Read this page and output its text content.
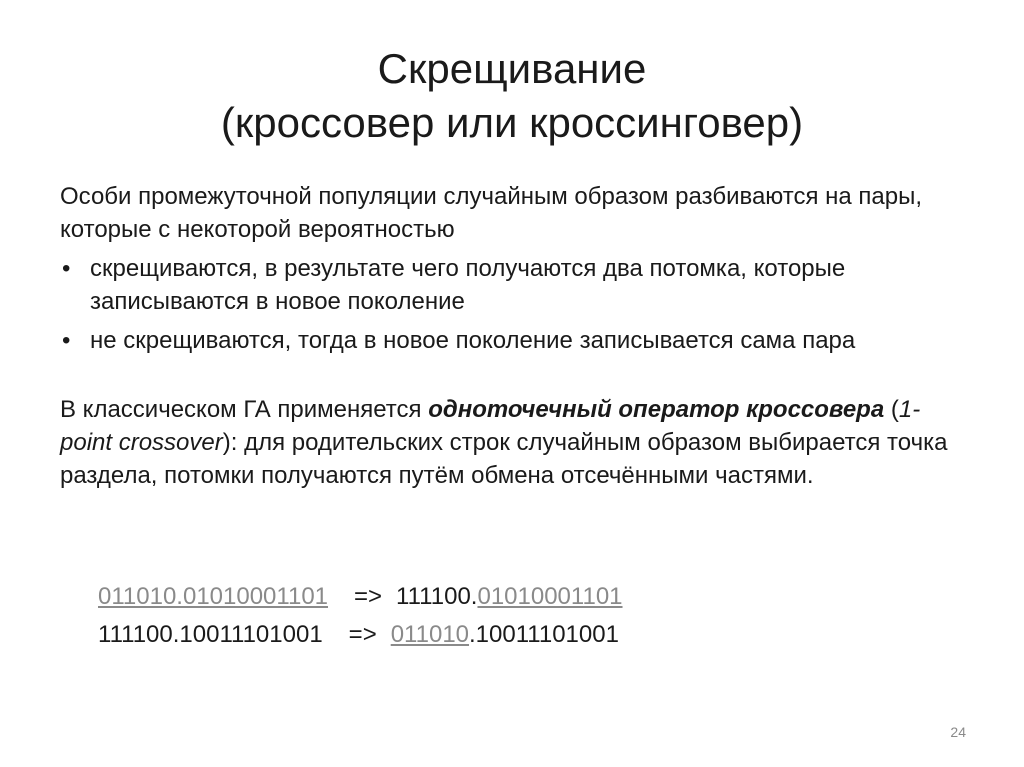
Скрещивание
(кроссовер или кроссинговер)

Особи промежуточной популяции случайным образом разбиваются на пары, которые с некоторой вероятностью

• скрещиваются, в результате чего получаются два потомка, которые записываются в новое поколение
• не скрещиваются, тогда в новое поколение записывается сама пара

В классическом ГА применяется одноточечный оператор кроссовера (1-point crossover): для родительских строк случайным образом выбирается точка раздела, потомки получаются путём обмена отсечёнными частями.

011010.01010001101 => 111100.01010001101
111100.10011101001 => 011010.10011101001
24
